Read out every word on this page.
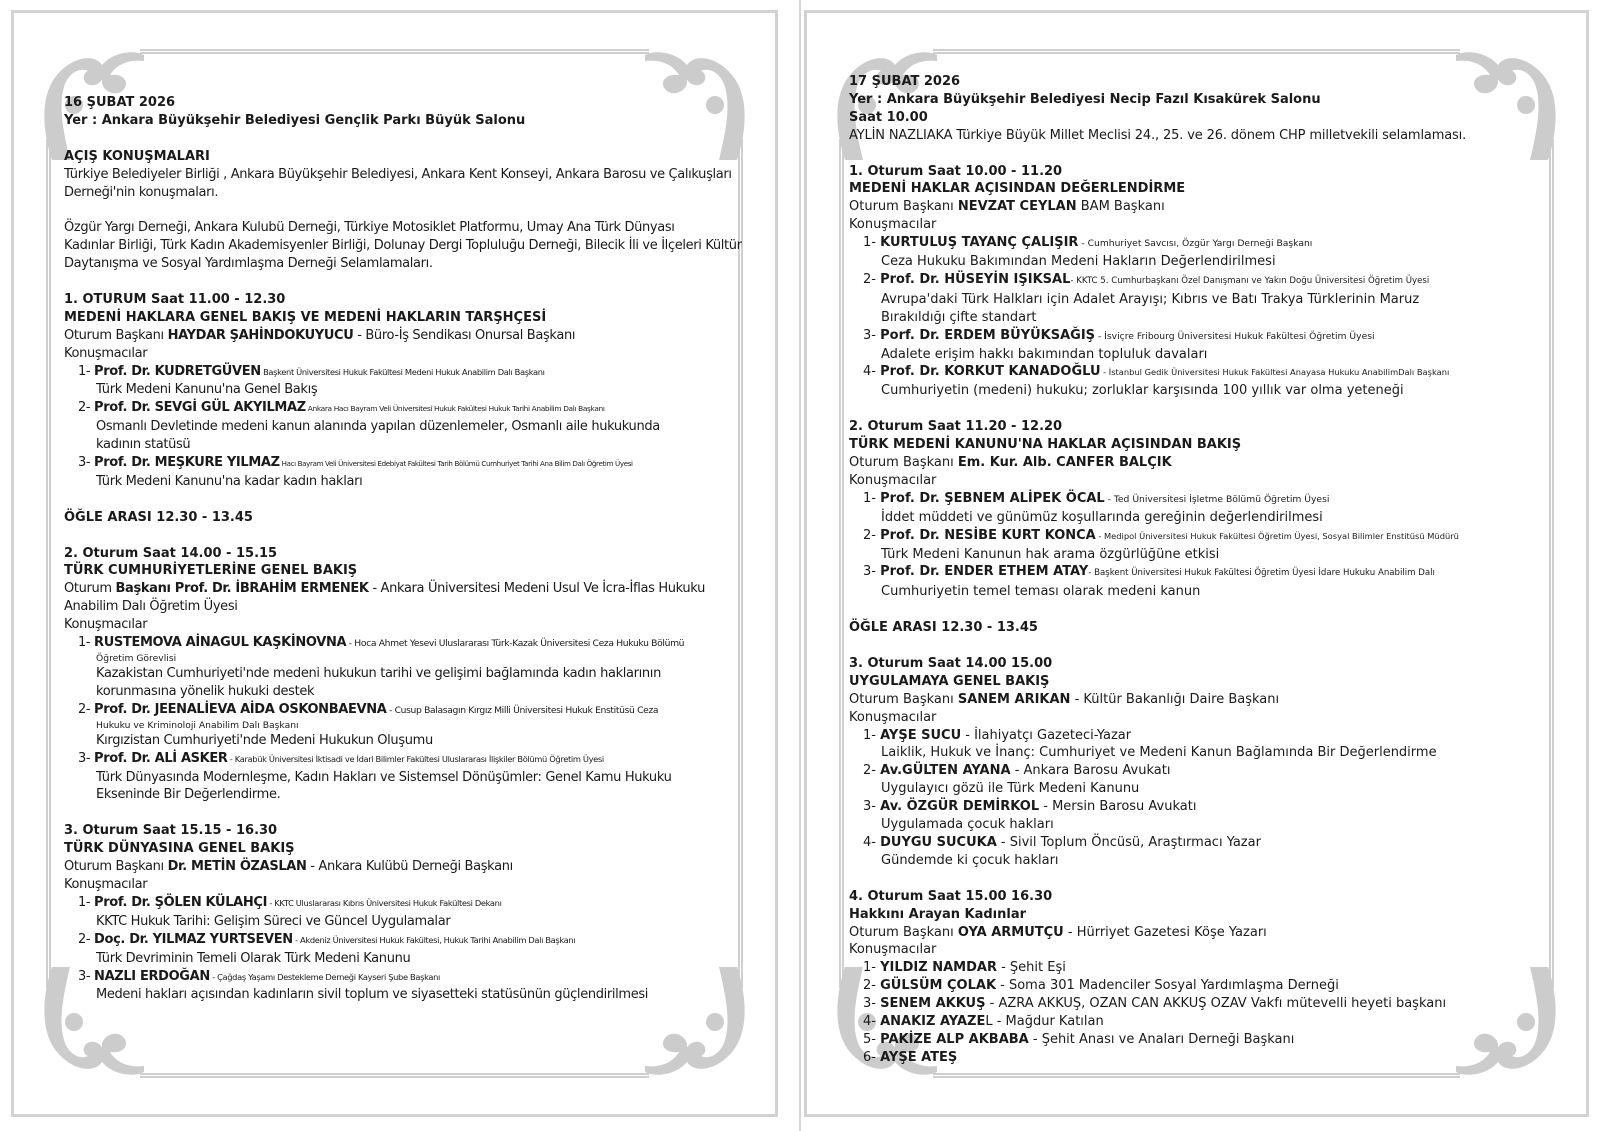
16 ŞUBAT 2026
Yer : Ankara Büyükşehir Belediyesi Gençlik Parkı Büyük Salonu
AÇIŞ KONUŞMALARI
Türkiye Belediyeler Birliği , Ankara Büyükşehir Belediyesi, Ankara Kent Konseyi, Ankara Barosu ve Çalıkuşları
Derneği'nin konuşmaları.
Özgür Yargı Derneği, Ankara Kulubü Derneği, Türkiye Motosiklet Platformu, Umay Ana Türk Dünyası
Kadınlar Birliği, Türk Kadın Akademisyenler Birliği, Dolunay Dergi Topluluğu Derneği, Bilecik İli ve İlçeleri Kültür
Daytanışma ve Sosyal Yardımlaşma Derneği Selamlamaları.
1. OTURUM Saat 11.00 - 12.30
MEDENİ HAKLARA GENEL BAKIŞ VE MEDENİ HAKLARIN TARŞHÇESİ
Oturum Başkanı HAYDAR ŞAHİNDOKUYUCU - Büro-İş Sendikası Onursal Başkanı
Konuşmacılar
1- Prof. Dr. KUDRETGÜVEN Başkent Üniversitesi Hukuk Fakültesi Medeni Hukuk Anabilim Dalı Başkanı
Türk Medeni Kanunu'na Genel Bakış
2- Prof. Dr. SEVGİ GÜL AKYILMAZ Ankara Hacı Bayram Veli Üniversitesi Hukuk Fakültesi Hukuk Tarihi Anabilim Dalı Başkanı
Osmanlı Devletinde medeni kanun alanında yapılan düzenlemeler, Osmanlı aile hukukunda
kadının statüsü
3- Prof. Dr. MEŞKURE YILMAZ Hacı Bayram Veli Üniversitesi Edebiyat Fakültesi Tarih Bölümü Cumhuriyet Tarihi Ana Bilim Dalı Öğretim Üyesi
Türk Medeni Kanunu'na kadar kadın hakları
ÖĞLE ARASI 12.30 - 13.45
2. Oturum Saat 14.00 - 15.15
TÜRK CUMHURİYETLERİNE GENEL BAKIŞ
Oturum Başkanı Prof. Dr. İBRAHİM ERMENEK - Ankara Üniversitesi Medeni Usul Ve İcra-İflas Hukuku
Anabilim Dalı Öğretim Üyesi
Konuşmacılar
1- RUSTEMOVA AİNAGUL KAŞKİNOVNA - Hoca Ahmet Yesevi Uluslararası Türk-Kazak Üniversitesi Ceza Hukuku Bölümü
Öğretim Görevlisi
Kazakistan Cumhuriyeti'nde medeni hukukun tarihi ve gelişimi bağlamında kadın haklarının
korunmasına yönelik hukuki destek
2- Prof. Dr. JEENALİEVA AİDA OSKONBAEVNA - Cusup Balasagın Kırgız Milli Üniversitesi Hukuk Enstitüsü Ceza
Hukuku ve Kriminoloji Anabilim Dalı Başkanı
Kırgızistan Cumhuriyeti'nde Medeni Hukukun Oluşumu
3- Prof. Dr. ALİ ASKER - Karabük Üniversitesi İktisadi ve İdari Bilimler Fakültesi Uluslararası İlişkiler Bölümü Öğretim Üyesi
Türk Dünyasında Modernleşme, Kadın Hakları ve Sistemsel Dönüşümler: Genel Kamu Hukuku
Ekseninde Bir Değerlendirme.
3. Oturum Saat 15.15 - 16.30
TÜRK DÜNYASINA GENEL BAKIŞ
Oturum Başkanı Dr. METİN ÖZASLAN - Ankara Kulübü Derneği Başkanı
Konuşmacılar
1- Prof. Dr. ŞÖLEN KÜLAHÇI - KKTC Uluslararası Kıbrıs Üniversitesi Hukuk Fakültesi Dekanı
KKTC Hukuk Tarihi: Gelişim Süreci ve Güncel Uygulamalar
2- Doç. Dr. YILMAZ YURTSEVEN - Akdeniz Üniversitesi Hukuk Fakültesi, Hukuk Tarihi Anabilim Dalı Başkanı
Türk Devriminin Temeli Olarak Türk Medeni Kanunu
3- NAZLI ERDOĞAN - Çağdaş Yaşamı Destekleme Derneği Kayseri Şube Başkanı
Medeni hakları açısından kadınların sivil toplum ve siyasetteki statüsünün güçlendirilmesi
17 ŞUBAT 2026
Yer : Ankara Büyükşehir Belediyesi Necip Fazıl Kısakürek Salonu
Saat 10.00
AYLİN NAZLIAKA Türkiye Büyük Millet Meclisi 24., 25. ve 26. dönem CHP milletvekili selamlaması.
1. Oturum Saat 10.00 - 11.20
MEDENİ HAKLAR AÇISINDAN DEĞERLENDİRME
Oturum Başkanı NEVZAT CEYLAN BAM Başkanı
Konuşmacılar
1- KURTULUŞ TAYANÇ ÇALIŞIR - Cumhuriyet Savcısı, Özgür Yargı Derneği Başkanı
Ceza Hukuku Bakımından Medeni Hakların Değerlendirilmesi
2- Prof. Dr. HÜSEYİN IŞIKSAL- KKTC 5. Cumhurbaşkanı Özel Danışmanı ve Yakın Doğu Üniversitesi Öğretim Üyesi
Avrupa'daki Türk Halkları için Adalet Arayışı; Kıbrıs ve Batı Trakya Türklerinin Maruz
Bırakıldığı çifte standart
3- Porf. Dr. ERDEM BÜYÜKSAĞIŞ - İsviçre Fribourg Üniversitesi Hukuk Fakültesi Öğretim Üyesi
Adalete erişim hakkı bakımından topluluk davaları
4- Prof. Dr. KORKUT KANADOĞLU - İstanbul Gedik Üniversitesi Hukuk Fakültesi Anayasa Hukuku AnabilimDalı Başkanı
Cumhuriyetin (medeni) hukuku; zorluklar karşısında 100 yıllık var olma yeteneği
2. Oturum Saat 11.20 - 12.20
TÜRK MEDENİ KANUNU'NA HAKLAR AÇISINDAN BAKIŞ
Oturum Başkanı Em. Kur. Alb. CANFER BALÇIK
Konuşmacılar
1- Prof. Dr. ŞEBNEM ALİPEK ÖCAL - Ted Üniversitesi İşletme Bölümü Öğretim Üyesi
İddet müddeti ve günümüz koşullarında gereğinin değerlendirilmesi
2- Prof. Dr. NESİBE KURT KONCA - Medipol Üniversitesi Hukuk Fakültesi Öğretim Üyesi, Sosyal Bilimler Enstitüsü Müdürü
Türk Medeni Kanunun hak arama özgürlüğüne etkisi
3- Prof. Dr. ENDER ETHEM ATAY- Başkent Üniversitesi Hukuk Fakültesi Öğretim Üyesi İdare Hukuku Anabilim Dalı
Cumhuriyetin temel teması olarak medeni kanun
ÖĞLE ARASI 12.30 - 13.45
3. Oturum Saat 14.00 15.00
UYGULAMAYA GENEL BAKIŞ
Oturum Başkanı SANEM ARIKAN - Kültür Bakanlığı Daire Başkanı
Konuşmacılar
1- AYŞE SUCU - İlahiyatçı Gazeteci-Yazar
Laiklik, Hukuk ve İnanç: Cumhuriyet ve Medeni Kanun Bağlamında Bir Değerlendirme
2- Av.GÜLTEN AYANA - Ankara Barosu Avukatı
Uygulayıcı gözü ile Türk Medeni Kanunu
3- Av. ÖZGÜR DEMİRKOL - Mersin Barosu Avukatı
Uygulamada çocuk hakları
4- DUYGU SUCUKA - Sivil Toplum Öncüsü, Araştırmacı Yazar
Gündemde ki çocuk hakları
4. Oturum Saat 15.00 16.30
Hakkını Arayan Kadınlar
Oturum Başkanı OYA ARMUTÇU - Hürriyet Gazetesi Köşe Yazarı
Konuşmacılar
1- YILDIZ NAMDAR - Şehit Eşi
2- GÜLSÜM ÇOLAK - Soma 301 Madenciler Sosyal Yardımlaşma Derneği
3- SENEM AKKUŞ - AZRA AKKUŞ, OZAN CAN AKKUŞ OZAV Vakfı mütevelli heyeti başkanı
4- ANAKIZ AYAZEL - Mağdur Katılan
5- PAKİZE ALP AKBABA - Şehit Anası ve Anaları Derneği Başkanı
6- AYŞE ATEŞ
